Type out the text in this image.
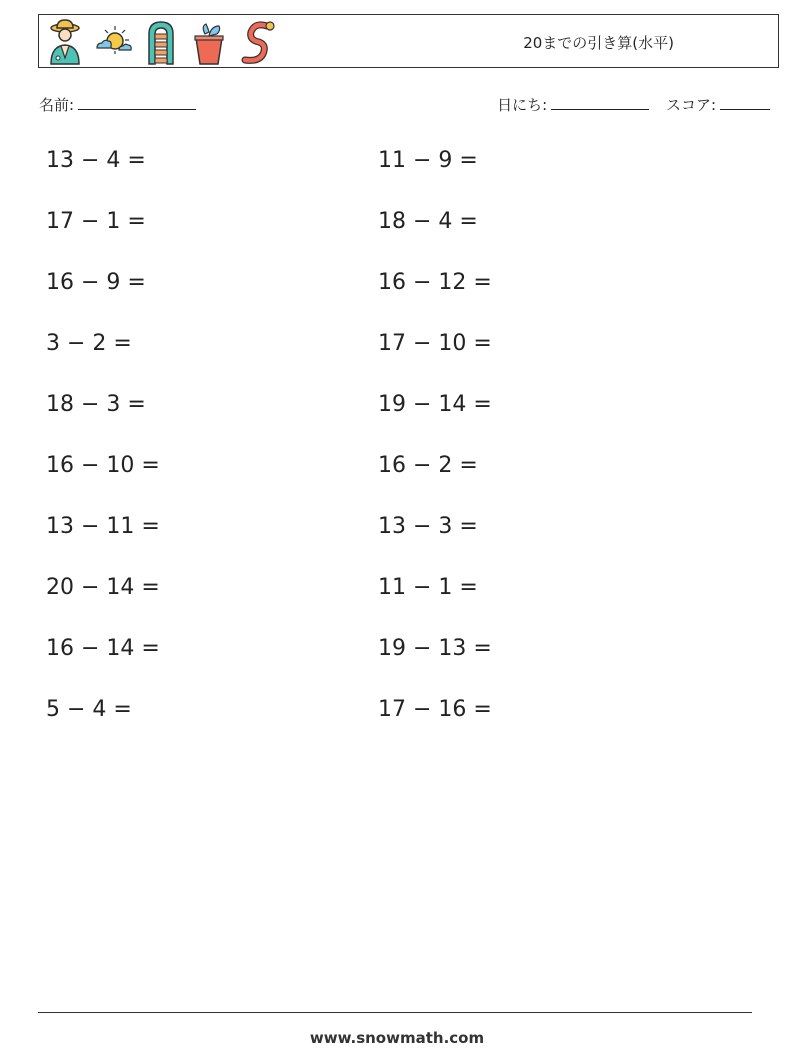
20までの引き算(水平)
名前:	日にち:	スコア:
13 − 4 =	11 − 9 =
17 − 1 =	18 − 4 =
16 − 9 =	16 − 12 =
3 − 2 =	17 − 10 =
18 − 3 =	19 − 14 =
16 − 10 =	16 − 2 =
13 − 11 =	13 − 3 =
20 − 14 =	11 − 1 =
16 − 14 =	19 − 13 =
5 − 4 =	17 − 16 =
www.snowmath.com
